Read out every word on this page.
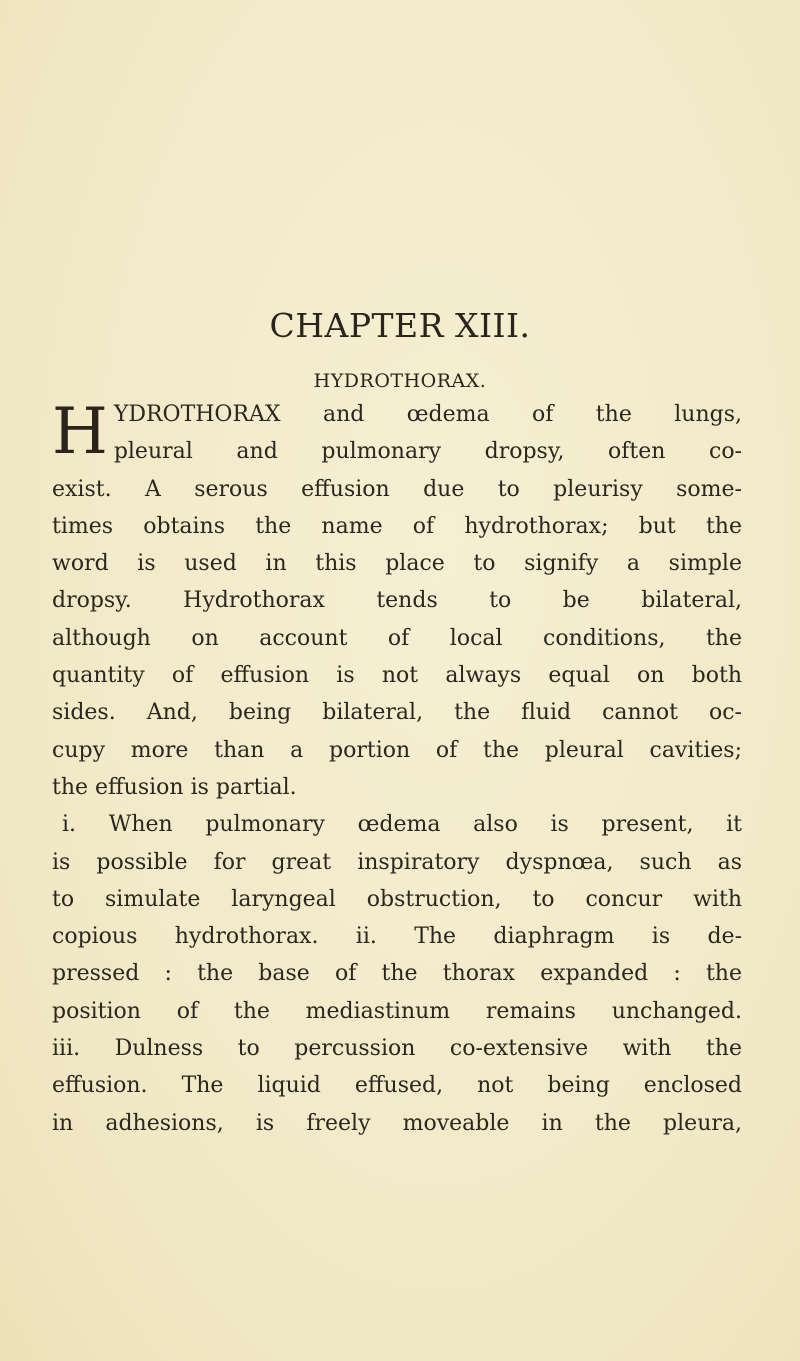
CHAPTER XIII.
HYDROTHORAX.
H YDROTHORAX and œdema of the lungs,
pleural and pulmonary dropsy, often co-
exist. A serous effusion due to pleurisy some-
times obtains the name of hydrothorax; but the
word is used in this place to signify a simple
dropsy. Hydrothorax tends to be bilateral,
although on account of local conditions, the
quantity of effusion is not always equal on both
sides. And, being bilateral, the fluid cannot oc-
cupy more than a portion of the pleural cavities;
the effusion is partial.
i. When pulmonary œdema also is present, it
is possible for great inspiratory dyspnœa, such as
to simulate laryngeal obstruction, to concur with
copious hydrothorax. ii. The diaphragm is de-
pressed : the base of the thorax expanded : the
position of the mediastinum remains unchanged.
iii. Dulness to percussion co-extensive with the
effusion. The liquid effused, not being enclosed
in adhesions, is freely moveable in the pleura,
